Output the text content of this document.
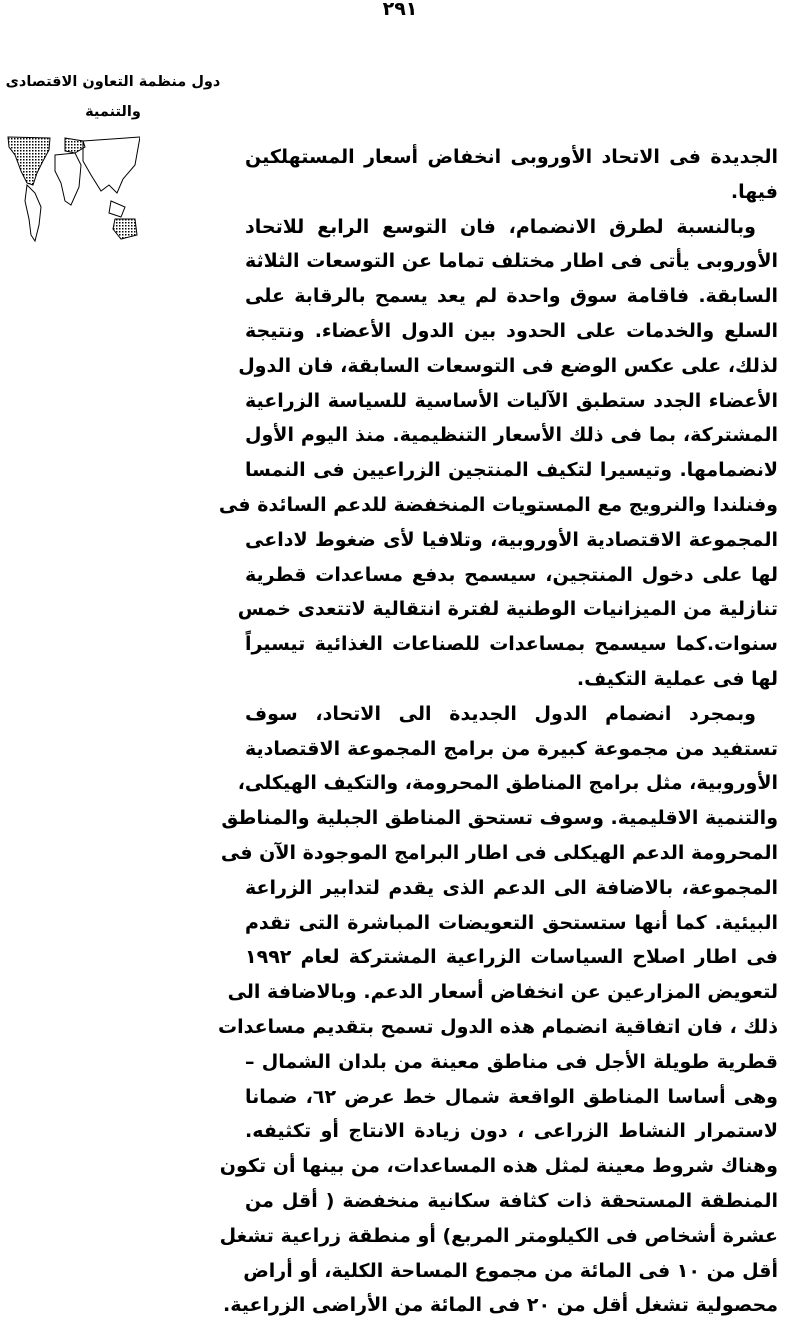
٢٩١
دول منظمة التعاون الاقتصادى
والتنمية
الجديدة فى الاتحاد الأوروبى انخفاض أسعار المستهلكين
فيها.
وبالنسبة لطرق الانضمام، فان التوسع الرابع للاتحاد
الأوروبى يأتى فى اطار مختلف تماما عن التوسعات الثلاثة
السابقة. فاقامة سوق واحدة لم يعد يسمح بالرقابة على
السلع والخدمات على الحدود بين الدول الأعضاء. ونتيجة
لذلك، على عكس الوضع فى التوسعات السابقة، فان الدول
الأعضاء الجدد ستطبق الآليات الأساسية للسياسة الزراعية
المشتركة، بما فى ذلك الأسعار التنظيمية. منذ اليوم الأول
لانضمامها. وتيسيرا لتكيف المنتجين الزراعيين فى النمسا
وفنلندا والنرويج مع المستويات المنخفضة للدعم السائدة فى
المجموعة الاقتصادية الأوروبية، وتلافيا لأى ضغوط لاداعى
لها على دخول المنتجين، سيسمح بدفع مساعدات قطرية
تنازلية من الميزانيات الوطنية لفترة انتقالية لاتتعدى خمس
سنوات.كما سيسمح بمساعدات للصناعات الغذائية تيسيراً
لها فى عملية التكيف.
وبمجرد انضمام الدول الجديدة الى الاتحاد، سوف
تستفيد من مجموعة كبيرة من برامج المجموعة الاقتصادية
الأوروبية، مثل برامج المناطق المحرومة، والتكيف الهيكلى،
والتنمية الاقليمية. وسوف تستحق المناطق الجبلية والمناطق
المحرومة الدعم الهيكلى فى اطار البرامج الموجودة الآن فى
المجموعة، بالاضافة الى الدعم الذى يقدم لتدابير الزراعة
البيئية. كما أنها ستستحق التعويضات المباشرة التى تقدم
فى اطار اصلاح السياسات الزراعية المشتركة لعام ١٩٩٢
لتعويض المزارعين عن انخفاض أسعار الدعم. وبالاضافة الى
ذلك ، فان اتفاقية انضمام هذه الدول تسمح بتقديم مساعدات
قطرية طويلة الأجل فى مناطق معينة من بلدان الشمال –
وهى أساسا المناطق الواقعة شمال خط عرض ٦٢، ضمانا
لاستمرار النشاط الزراعى ، دون زيادة الانتاج أو تكثيفه.
وهناك شروط معينة لمثل هذه المساعدات، من بينها أن تكون
المنطقة المستحقة ذات كثافة سكانية منخفضة ( أقل من
عشرة أشخاص فى الكيلومتر المربع) أو منطقة زراعية تشغل
أقل من ١٠ فى المائة من مجموع المساحة الكلية، أو أراض
محصولية تشغل أقل من ٢٠ فى المائة من الأراضى الزراعية.
